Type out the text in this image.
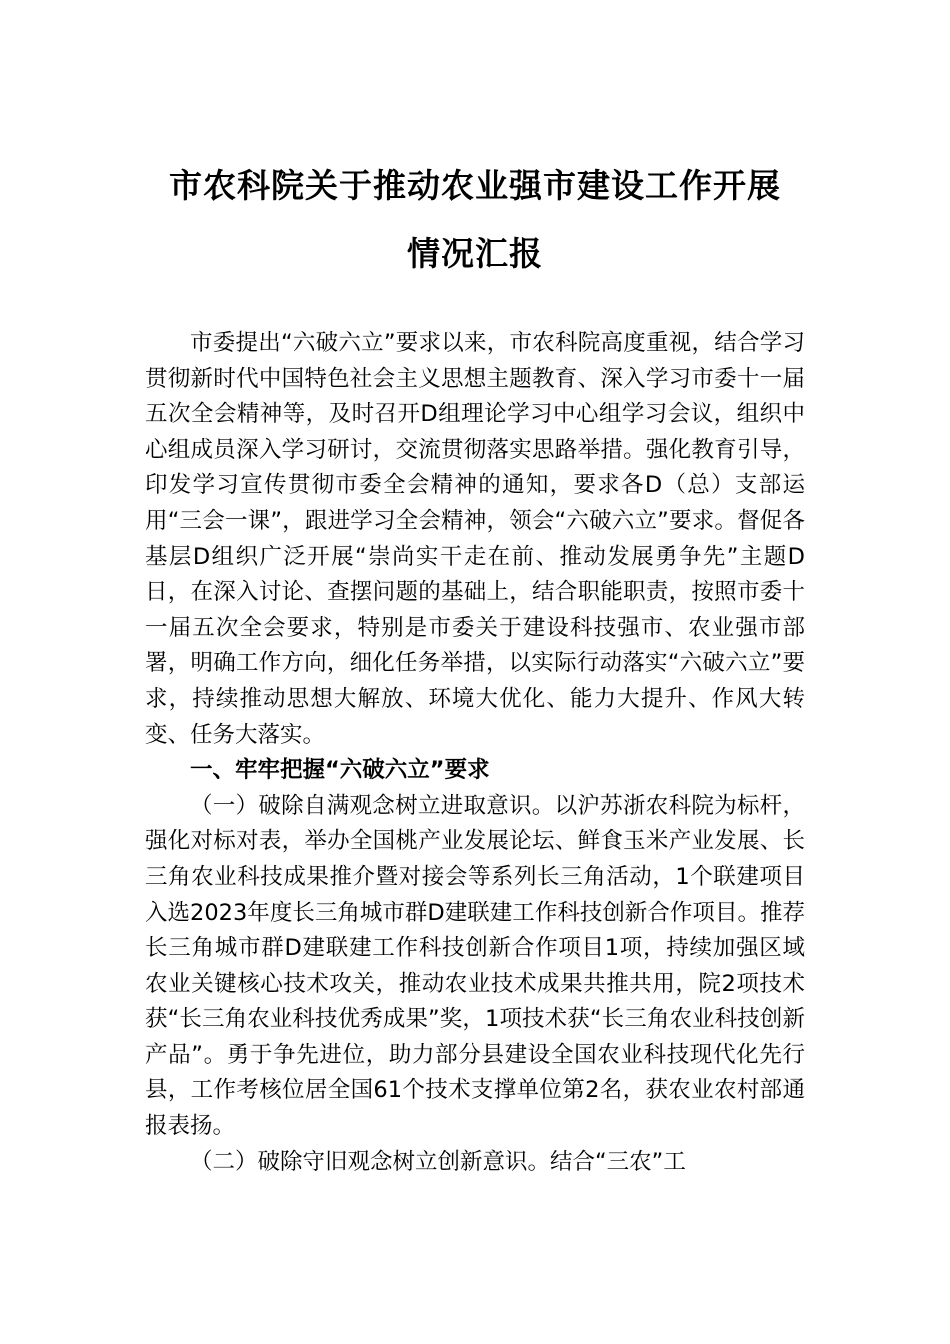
市农科院关于推动农业强市建设工作开展
情况汇报

市委提出“六破六立”要求以来，市农科院高度重视，结合学习贯彻新时代中国特色社会主义思想主题教育、深入学习市委十一届五次全会精神等，及时召开D组理论学习中心组学习会议，组织中心组成员深入学习研讨，交流贯彻落实思路举措。强化教育引导，印发学习宣传贯彻市委全会精神的通知，要求各D（总）支部运用“三会一课”，跟进学习全会精神，领会“六破六立”要求。督促各基层D组织广泛开展“崇尚实干走在前、推动发展勇争先”主题D日，在深入讨论、查摆问题的基础上，结合职能职责，按照市委十一届五次全会要求，特别是市委关于建设科技强市、农业强市部署，明确工作方向，细化任务举措，以实际行动落实“六破六立”要求，持续推动思想大解放、环境大优化、能力大提升、作风大转变、任务大落实。

一、牢牢把握“六破六立”要求

（一）破除自满观念树立进取意识。以沪苏浙农科院为标杆，强化对标对表，举办全国桃产业发展论坛、鲜食玉米产业发展、长三角农业科技成果推介暨对接会等系列长三角活动，1个联建项目入选2023年度长三角城市群D建联建工作科技创新合作项目。推荐长三角城市群D建联建工作科技创新合作项目1项，持续加强区域农业关键核心技术攻关，推动农业技术成果共推共用，院2项技术获“长三角农业科技优秀成果”奖，1项技术获“长三角农业科技创新产品”。勇于争先进位，助力部分县建设全国农业科技现代化先行县，工作考核位居全国61个技术支撑单位第2名，获农业农村部通报表扬。

（二）破除守旧观念树立创新意识。结合“三农”工
